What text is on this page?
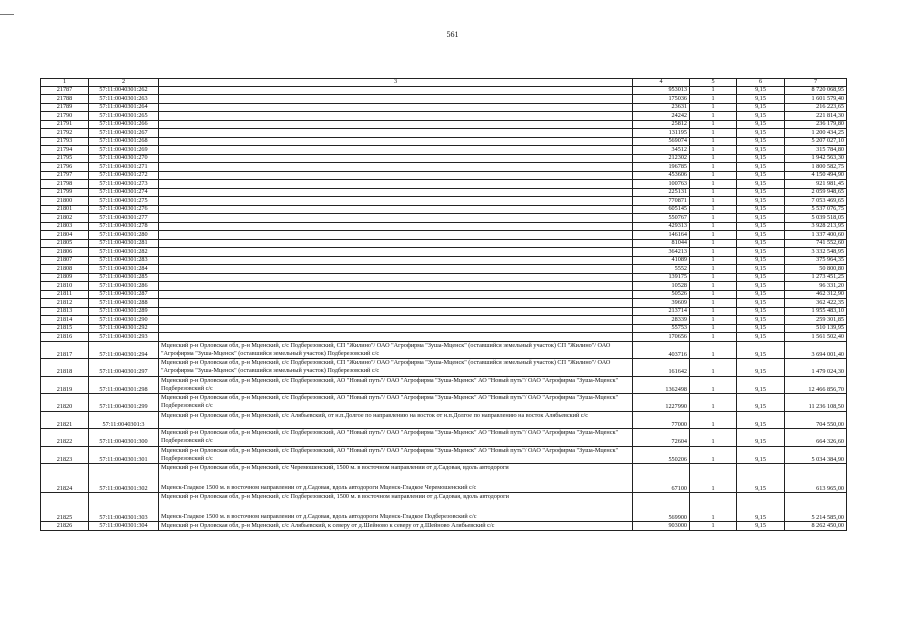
561
1	2	3	4	5	6	7
21787	57:11:0040301:262		953013	1	9,15	8 720 068,95
21788	57:11:0040301:263		175036	1	9,15	1 601 579,40
21789	57:11:0040301:264		23631	1	9,15	216 223,65
21790	57:11:0040301:265		24242	1	9,15	221 814,30
21791	57:11:0040301:266		25812	1	9,15	236 179,80
21792	57:11:0040301:267		131195	1	9,15	1 200 434,25
21793	57:11:0040301:268		569074	1	9,15	5 207 027,10
21794	57:11:0040301:269		34512	1	9,15	315 784,80
21795	57:11:0040301:270		212302	1	9,15	1 942 563,30
21796	57:11:0040301:271		196785	1	9,15	1 800 582,75
21797	57:11:0040301:272		453606	1	9,15	4 150 494,90
21798	57:11:0040301:273		100763	1	9,15	921 981,45
21799	57:11:0040301:274		225131	1	9,15	2 059 948,65
21800	57:11:0040301:275		770871	1	9,15	7 053 469,65
21801	57:11:0040301:276		605145	1	9,15	5 537 076,75
21802	57:11:0040301:277		550767	1	9,15	5 039 518,05
21803	57:11:0040301:278		429313	1	9,15	3 928 213,95
21804	57:11:0040301:280		146164	1	9,15	1 337 400,60
21805	57:11:0040301:281		81044	1	9,15	741 552,60
21806	57:11:0040301:282		364213	1	9,15	3 332 548,95
21807	57:11:0040301:283		41089	1	9,15	375 964,35
21808	57:11:0040301:284		5552	1	9,15	50 800,80
21809	57:11:0040301:285		139175	1	9,15	1 273 451,25
21810	57:11:0040301:286		10528	1	9,15	96 331,20
21811	57:11:0040301:287		50526	1	9,15	462 312,90
21812	57:11:0040301:288		39609	1	9,15	362 422,35
21813	57:11:0040301:289		213714	1	9,15	1 955 483,10
21814	57:11:0040301:290		28339	1	9,15	259 301,85
21815	57:11:0040301:292		55753	1	9,15	510 139,95
21816	57:11:0040301:293		170656	1	9,15	1 561 502,40
21817	57:11:0040301:294	Мценский р-н Орловская обл, р-н Мценский, с/с Подберезовский, СП "Жилино"/ ОАО "Агрофирма "Зуша-Мценск" (оставшийся земельный участок) СП "Жилино"/ ОАО "Агрофирма "Зуша-Мценск" (оставшийся земельный участок) Подберезовский с/с	403716	1	9,15	3 694 001,40
21818	57:11:0040301:297	Мценский р-н Орловская обл, р-н Мценский, с/с Подберезовский, СП "Жилино"/ ОАО "Агрофирма "Зуша-Мценск" (оставшийся земельный участок) СП "Жилино"/ ОАО "Агрофирма "Зуша-Мценск" (оставшийся земельный участок) Подберезовский с/с	161642	1	9,15	1 479 024,30
21819	57:11:0040301:298	Мценский р-н Орловская обл, р-н Мценский, с/с Подберезовский, АО "Новый путь"/ ОАО "Агрофирма "Зуша-Мценск" АО "Новый путь"/ ОАО "Агрофирма "Зуша-Мценск" Подберезовский с/с	1362498	1	9,15	12 466 856,70
21820	57:11:0040301:299	Мценский р-н Орловская обл, р-н Мценский, с/с Подберезовский, АО "Новый путь"/ ОАО "Агрофирма "Зуша-Мценск" АО "Новый путь"/ ОАО "Агрофирма "Зуша-Мценск" Подберезовский с/с	1227990	1	9,15	11 236 108,50
21821	57:11:0040301:3	Мценский р-н Орловская обл, р-н Мценский, с/с Алябьевский, от н.п.Долгое по направлению на восток от н.п.Долгое по направлению на восток Алябьевский с/с	77000	1	9,15	704 550,00
21822	57:11:0040301:300	Мценский р-н Орловская обл, р-н Мценский, с/с Подберезовский, АО "Новый путь"/ ОАО "Агрофирма "Зуша-Мценск" АО "Новый путь"/ ОАО "Агрофирма "Зуша-Мценск" Подберезовский с/с	72604	1	9,15	664 326,60
21823	57:11:0040301:301	Мценский р-н Орловская обл, р-н Мценский, с/с Подберезовский, АО "Новый путь"/ ОАО "Агрофирма "Зуша-Мценск" АО "Новый путь"/ ОАО "Агрофирма "Зуша-Мценск" Подберезовский с/с	550206	1	9,15	5 034 384,90
21824	57:11:0040301:302	Мценский р-н Орловская обл, р-н Мценский, с/с Черемошенский, 1500 м. в восточном направлении от д.Садовая, вдоль автодороги
Мценск-Гладкое 1500 м. в восточном направлении от д.Садовая, вдоль автодороги Мценск-Гладкое Черемошенский с/с	67100	1	9,15	613 965,00
21825	57:11:0040301:303	Мценский р-н Орловская обл, р-н Мценский, с/с Подберезовский, 1500 м. в восточном направлении от д.Садовая, вдоль автодороги
Мценск-Гладкое 1500 м. в восточном направлении от д.Садовая, вдоль автодороги Мценск-Гладкое Подберезовский с/с	569900	1	9,15	5 214 585,00
21826	57:11:0040301:304	Мценский р-н Орловская обл, р-н Мценский, с/с Алябьевский, к северу от д.Шейново к северу от д.Шейново Алябьевский с/с	903000	1	9,15	8 262 450,00
